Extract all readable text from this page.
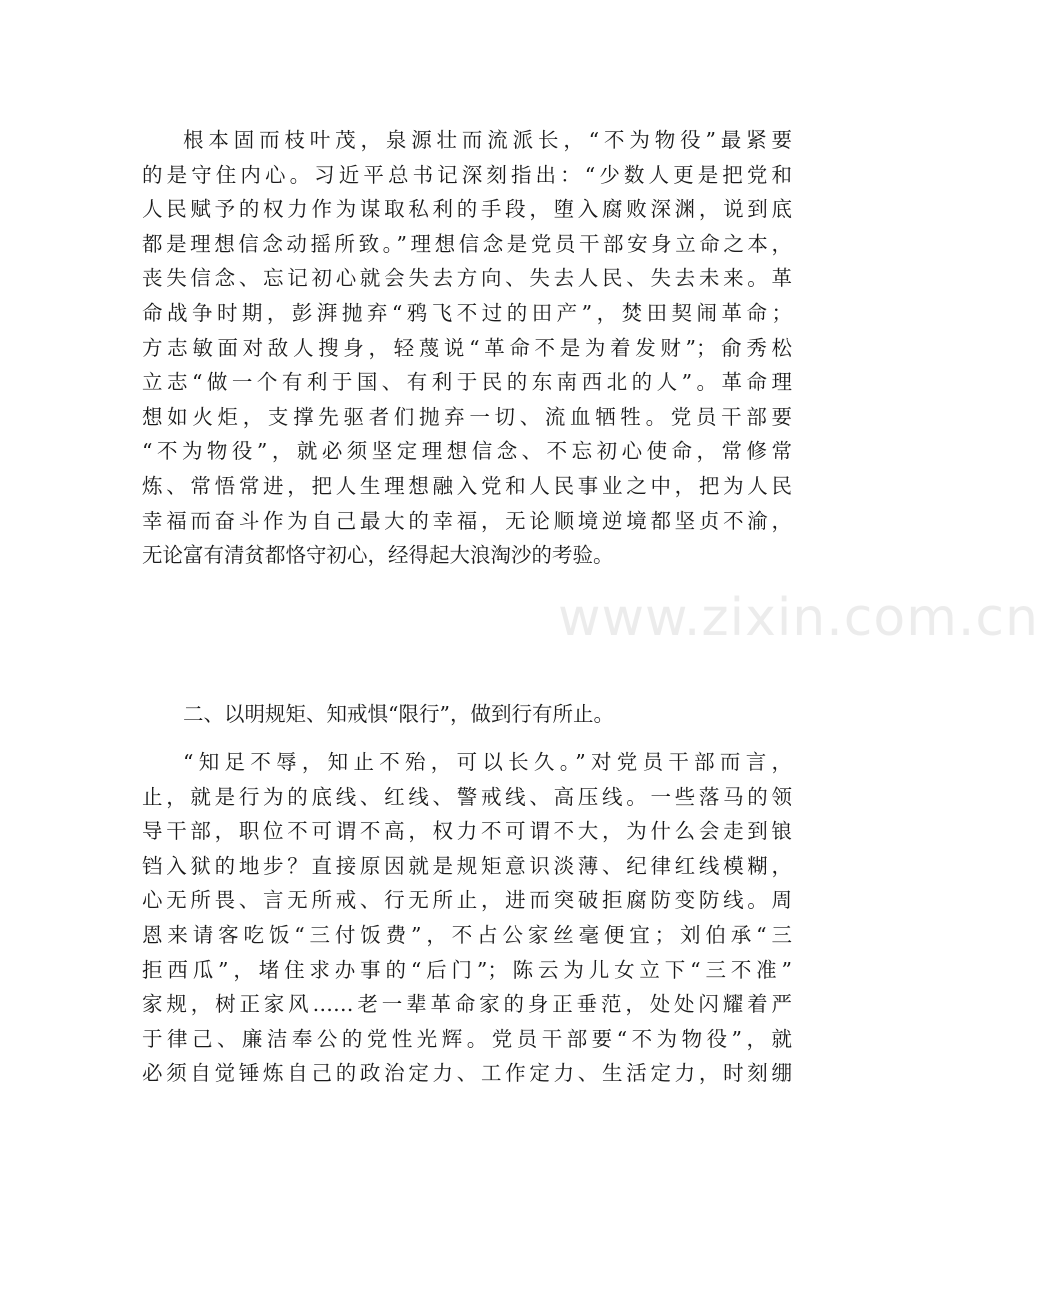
根本固而枝叶茂，泉源壮而流派长，“不为物役”最紧要
的是守住内心。习近平总书记深刻指出：“少数人更是把党和
人民赋予的权力作为谋取私利的手段，堕入腐败深渊，说到底
都是理想信念动摇所致。”理想信念是党员干部安身立命之本，
丧失信念、忘记初心就会失去方向、失去人民、失去未来。革
命战争时期，彭湃抛弃“鸦飞不过的田产”，焚田契闹革命；
方志敏面对敌人搜身，轻蔑说“革命不是为着发财”；俞秀松
立志“做一个有利于国、有利于民的东南西北的人”。革命理
想如火炬，支撑先驱者们抛弃一切、流血牺牲。党员干部要
“不为物役”，就必须坚定理想信念、不忘初心使命，常修常
炼、常悟常进，把人生理想融入党和人民事业之中，把为人民
幸福而奋斗作为自己最大的幸福，无论顺境逆境都坚贞不渝，
无论富有清贫都恪守初心，经得起大浪淘沙的考验。
二、以明规矩、知戒惧“限行”，做到行有所止。
“知足不辱，知止不殆，可以长久。”对党员干部而言，
止，就是行为的底线、红线、警戒线、高压线。一些落马的领
导干部，职位不可谓不高，权力不可谓不大，为什么会走到锒
铛入狱的地步？直接原因就是规矩意识淡薄、纪律红线模糊，
心无所畏、言无所戒、行无所止，进而突破拒腐防变防线。周
恩来请客吃饭“三付饭费”，不占公家丝毫便宜；刘伯承“三
拒西瓜”，堵住求办事的“后门”；陈云为儿女立下“三不准”
家规，树正家风……老一辈革命家的身正垂范，处处闪耀着严
于律己、廉洁奉公的党性光辉。党员干部要“不为物役”，就
必须自觉锤炼自己的政治定力、工作定力、生活定力，时刻绷
www.zixin.com.cn
